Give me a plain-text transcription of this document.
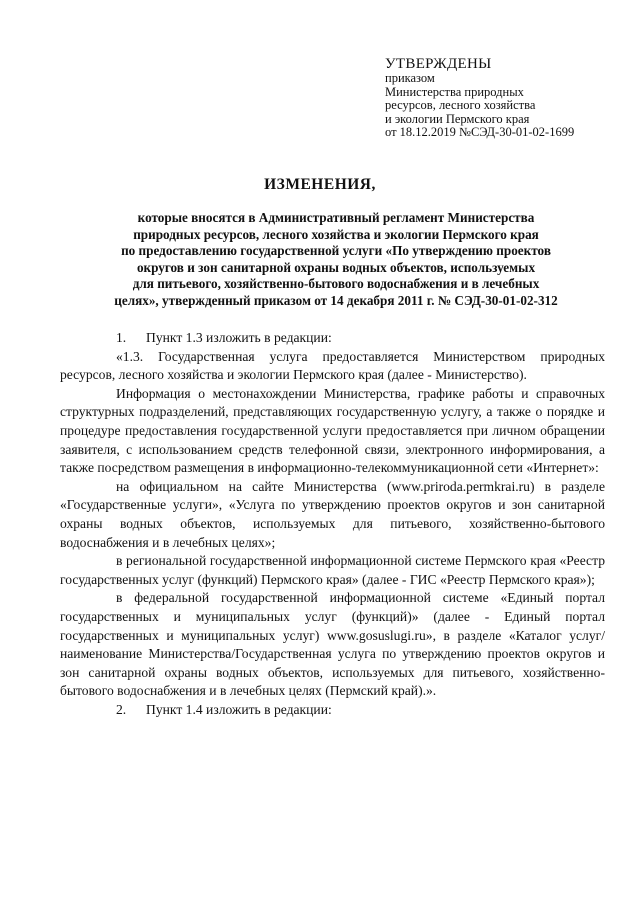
УТВЕРЖДЕНЫ
приказом
Министерства природных
ресурсов, лесного хозяйства
и экологии Пермского края
от 18.12.2019 №СЭД-30-01-02-1699
ИЗМЕНЕНИЯ,
которые вносятся в Административный регламент Министерства
природных ресурсов, лесного хозяйства и экологии Пермского края
по предоставлению государственной услуги «По утверждению проектов
округов и зон санитарной охраны водных объектов, используемых
для питьевого, хозяйственно-бытового водоснабжения и в лечебных
целях», утвержденный приказом от 14 декабря 2011 г. № СЭД-30-01-02-312

1. Пункт 1.3 изложить в редакции:

«1.3. Государственная услуга предоставляется Министерством природных ресурсов, лесного хозяйства и экологии Пермского края (далее - Министерство).

Информация о местонахождении Министерства, графике работы и справочных структурных подразделений, представляющих государственную услугу, а также о порядке и процедуре предоставления государственной услуги предоставляется при личном обращении заявителя, с использованием средств телефонной связи, электронного информирования, а также посредством размещения в информационно-телекоммуникационной сети «Интернет»:

на официальном на сайте Министерства (www.priroda.permkrai.ru) в разделе «Государственные услуги», «Услуга по утверждению проектов округов и зон санитарной охраны водных объектов, используемых для питьевого, хозяйственно-бытового водоснабжения и в лечебных целях»;

в региональной государственной информационной системе Пермского края «Реестр государственных услуг (функций) Пермского края» (далее - ГИС «Реестр Пермского края»);

в федеральной государственной информационной системе «Единый портал государственных и муниципальных услуг (функций)» (далее - Единый портал государственных и муниципальных услуг) www.gosuslugi.ru», в разделе «Каталог услуг/наименование Министерства/Государственная услуга по утверждению проектов округов и зон санитарной охраны водных объектов, используемых для питьевого, хозяйственно-бытового водоснабжения и в лечебных целях (Пермский край).».

2. Пункт 1.4 изложить в редакции:
